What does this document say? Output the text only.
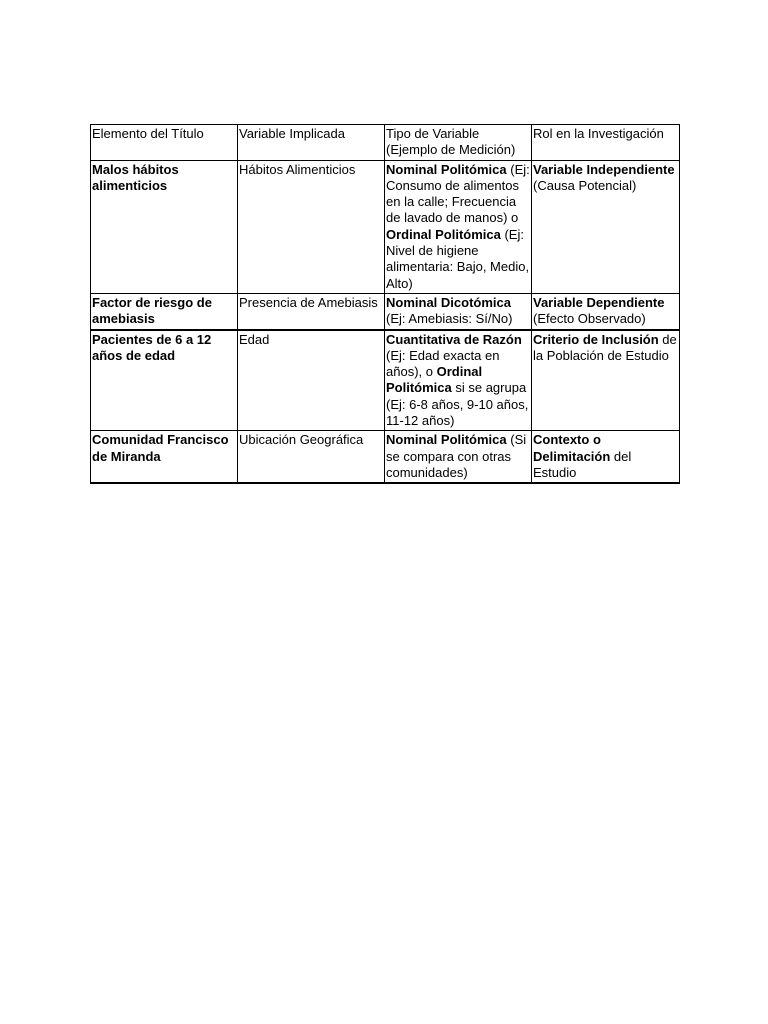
Elemento del Título	Variable Implicada	Tipo de Variable (Ejemplo de Medición)	Rol en la Investigación
Malos hábitos alimenticios	Hábitos Alimenticios	Nominal Politómica (Ej: Consumo de alimentos en la calle; Frecuencia de lavado de manos) o Ordinal Politómica (Ej: Nivel de higiene alimentaria: Bajo, Medio, Alto)	Variable Independiente (Causa Potencial)
Factor de riesgo de amebiasis	Presencia de Amebiasis	Nominal Dicotómica (Ej: Amebiasis: Sí/No)	Variable Dependiente (Efecto Observado)
Pacientes de 6 a 12 años de edad	Edad	Cuantitativa de Razón (Ej: Edad exacta en años), o Ordinal Politómica si se agrupa (Ej: 6-8 años, 9-10 años, 11-12 años)	Criterio de Inclusión de la Población de Estudio
Comunidad Francisco de Miranda	Ubicación Geográfica	Nominal Politómica (Si se compara con otras comunidades)	Contexto o Delimitación del Estudio
